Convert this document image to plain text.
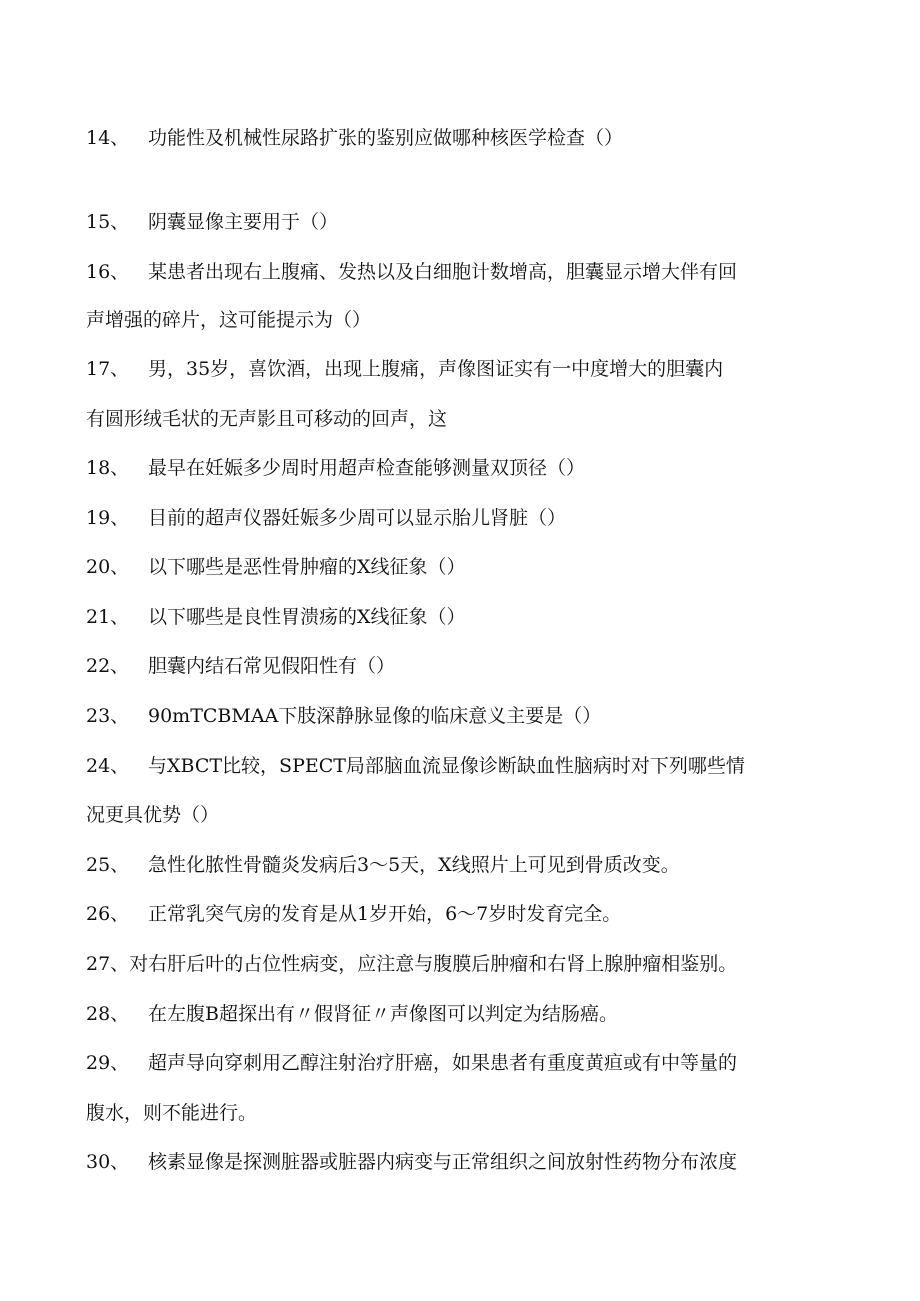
14、 功能性及机械性尿路扩张的鉴别应做哪种核医学检查（）
15、 阴囊显像主要用于（）
16、 某患者出现右上腹痛、发热以及白细胞计数增高，胆囊显示增大伴有回
声增强的碎片，这可能提示为（）
17、 男，35岁，喜饮酒，出现上腹痛，声像图证实有一中度增大的胆囊内
有圆形绒毛状的无声影且可移动的回声，这
18、 最早在妊娠多少周时用超声检查能够测量双顶径（）
19、 目前的超声仪器妊娠多少周可以显示胎儿肾脏（）
20、 以下哪些是恶性骨肿瘤的X线征象（）
21、 以下哪些是良性胃溃疡的X线征象（）
22、 胆囊内结石常见假阳性有（）
23、 90mTCBMAA下肢深静脉显像的临床意义主要是（）
24、 与XBCT比较，SPECT局部脑血流显像诊断缺血性脑病时对下列哪些情
况更具优势（）
25、 急性化脓性骨髓炎发病后3～5天，X线照片上可见到骨质改变。
26、 正常乳突气房的发育是从1岁开始，6～7岁时发育完全。
27、对右肝后叶的占位性病变，应注意与腹膜后肿瘤和右肾上腺肿瘤相鉴别。
28、 在左腹B超探出有〃假肾征〃声像图可以判定为结肠癌。
29、 超声导向穿刺用乙醇注射治疗肝癌，如果患者有重度黄疸或有中等量的
腹水，则不能进行。
30、 核素显像是探测脏器或脏器内病变与正常组织之间放射性药物分布浓度
